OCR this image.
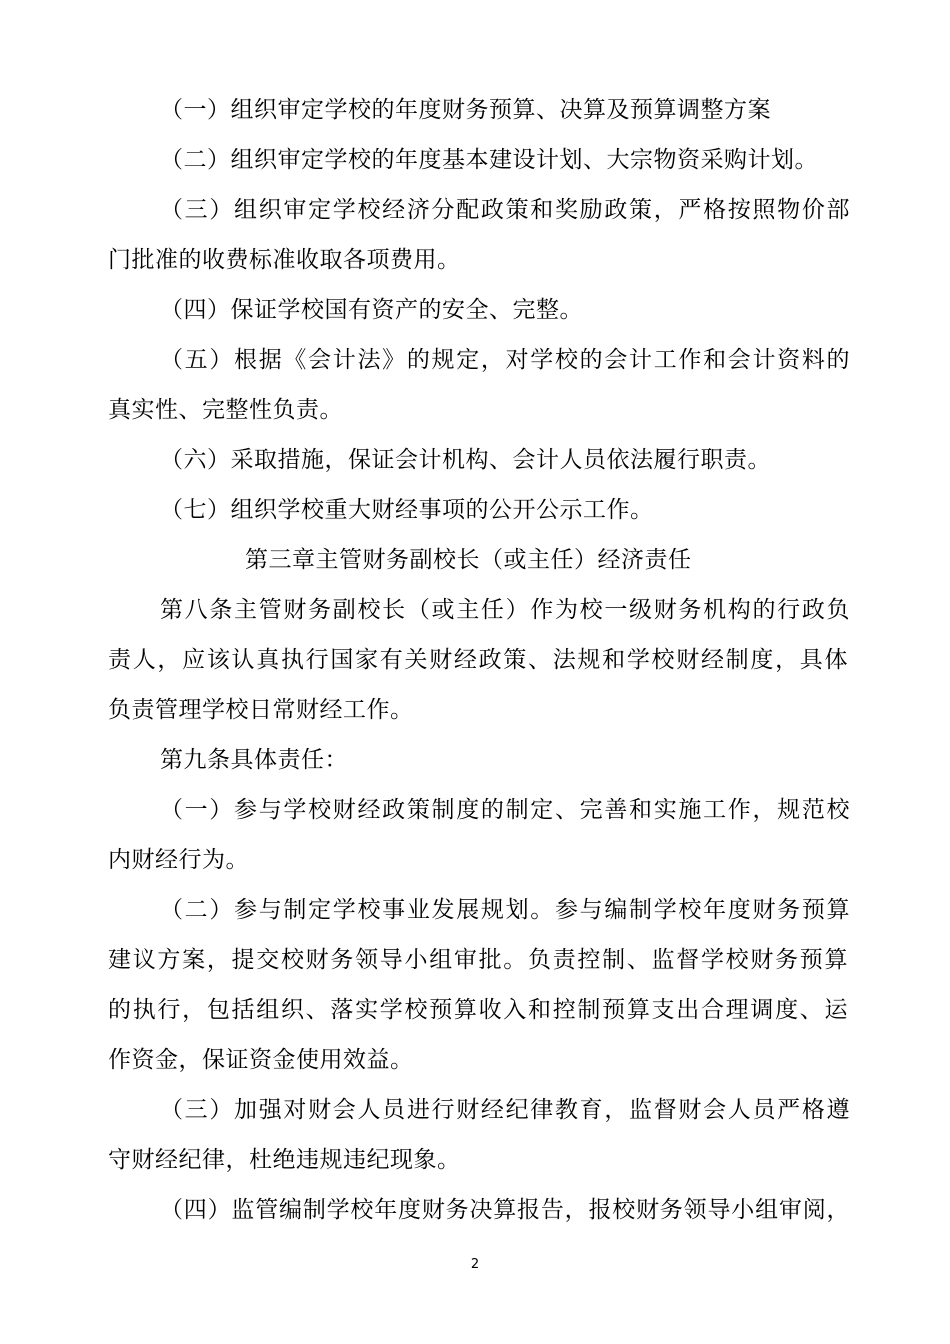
（一）组织审定学校的年度财务预算、决算及预算调整方案
（二）组织审定学校的年度基本建设计划、大宗物资采购计划。
（三）组织审定学校经济分配政策和奖励政策，严格按照物价部
门批准的收费标准收取各项费用。
（四）保证学校国有资产的安全、完整。
（五）根据《会计法》的规定，对学校的会计工作和会计资料的
真实性、完整性负责。
（六）采取措施，保证会计机构、会计人员依法履行职责。
（七）组织学校重大财经事项的公开公示工作。
第三章主管财务副校长（或主任）经济责任
第八条主管财务副校长（或主任）作为校一级财务机构的行政负
责人，应该认真执行国家有关财经政策、法规和学校财经制度，具体
负责管理学校日常财经工作。
第九条具体责任：
（一）参与学校财经政策制度的制定、完善和实施工作，规范校
内财经行为。
（二）参与制定学校事业发展规划。参与编制学校年度财务预算
建议方案，提交校财务领导小组审批。负责控制、监督学校财务预算
的执行，包括组织、落实学校预算收入和控制预算支出合理调度、运
作资金，保证资金使用效益。
（三）加强对财会人员进行财经纪律教育，监督财会人员严格遵
守财经纪律，杜绝违规违纪现象。
（四）监管编制学校年度财务决算报告，报校财务领导小组审阅，
2
